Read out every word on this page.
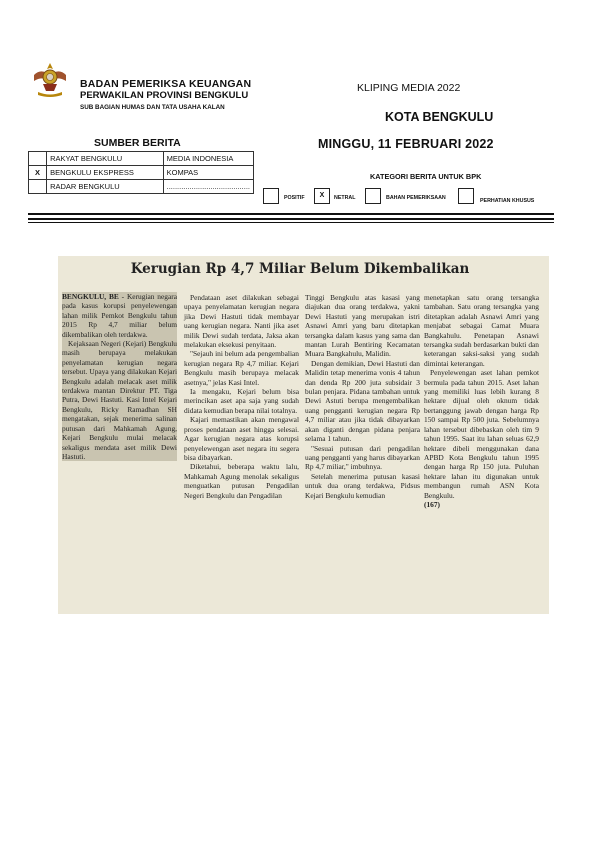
BADAN PEMERIKSA KEUANGAN
PERWAKILAN PROVINSI BENGKULU
SUB BAGIAN HUMAS DAN TATA USAHA KALAN
KLIPING MEDIA 2022
KOTA BENGKULU
MINGGU, 11 FEBRUARI 2022
SUMBER BERITA
	RAKYAT BENGKULU	MEDIA INDONESIA
X	BENGKULU EKSPRESS	KOMPAS
	RADAR BENGKULU	........................................
KATEGORI BERITA UNTUK BPK
POSITIF	X	NETRAL	BAHAN PEMERIKSAAN	PERHATIAN KHUSUS
Kerugian Rp 4,7 Miliar Belum Dikembalikan

BENGKULU, BE - Kerugian negara pada kasus korupsi penyelewengan lahan milik Pemkot Bengkulu tahun 2015 Rp 4,7 miliar belum dikembalikan oleh terdakwa.

Kejaksaan Negeri (Kejari) Bengkulu masih berupaya melakukan penyelamatan kerugian negara tersebut. Upaya yang dilakukan Kejari Bengkulu adalah melacak aset milik terdakwa mantan Direktur PT. Tiga Putra, Dewi Hastuti. Kasi Intel Kejari Bengkulu, Ricky Ramadhan SH mengatakan, sejak menerima salinan putusan dari Mahkamah Agung, Kejari Bengkulu mulai melacak sekaligus mendata aset milik Dewi Hastuti.

Pendataan aset dilakukan sebagai upaya penyelamatan kerugian negara jika Dewi Hastuti tidak membayar uang kerugian negara. Nanti jika aset milik Dewi sudah terdata, Jaksa akan melakukan eksekusi penyitaan.

"Sejauh ini belum ada pengembalian kerugian negara Rp 4,7 miliar. Kejari Bengkulu masih berupaya melacak asetnya," jelas Kasi Intel.

Ia mengaku, Kejari belum bisa merincikan aset apa saja yang sudah didata kemudian berapa nilai totalnya.

Kajari memastikan akan mengawal proses pendataan aset hingga selesai. Agar kerugian negara atas korupsi penyelewengan aset negara itu segera bisa dibayarkan.

Diketahui, beberapa waktu lalu, Mahkamah Agung menolak sekaligus menguatkan putusan Pengadilan Negeri Bengkulu dan Pengadilan

Tinggi Bengkulu atas kasasi yang diajukan dua orang terdakwa, yakni Dewi Hastuti yang merupakan istri Asnawi Amri yang baru ditetapkan tersangka dalam kasus yang sama dan mantan Lurah Bentiring Kecamatan Muara Bangkahulu, Malidin.

Dengan demikian, Dewi Hastuti dan Malidin tetap menerima vonis 4 tahun dan denda Rp 200 juta subsidair 3 bulan penjara. Pidana tambahan untuk Dewi Astuti berupa mengembalikan uang pengganti kerugian negara Rp 4,7 miliar atau jika tidak dibayarkan akan diganti dengan pidana penjara selama 1 tahun.

"Sesuai putusan dari pengadilan uang pengganti yang harus dibayarkan Rp 4,7 miliar," imbuhnya.

Setelah menerima putusan kasasi untuk dua orang terdakwa, Pidsus Kejari Bengkulu kemudian

menetapkan satu orang tersangka tambahan. Satu orang tersangka yang ditetapkan adalah Asnawi Amri yang menjabat sebagai Camat Muara Bangkahulu. Penetapan Asnawi tersangka sudah berdasarkan bukti dan keterangan saksi-saksi yang sudah dimintai keterangan.

Penyelewengan aset lahan pemkot bermula pada tahun 2015. Aset lahan yang memiliki luas lebih kurang 8 hektare dijual oleh oknum tidak bertanggung jawab dengan harga Rp 150 sampai Rp 500 juta. Sebelumnya lahan tersebut dibebaskan oleh tim 9 tahun 1995. Saat itu lahan seluas 62,9 hektare dibeli menggunakan dana APBD Kota Bengkulu tahun 1995 dengan harga Rp 150 juta. Puluhan hektare lahan itu digunakan untuk membangun rumah ASN Kota Bengkulu.

(167)
